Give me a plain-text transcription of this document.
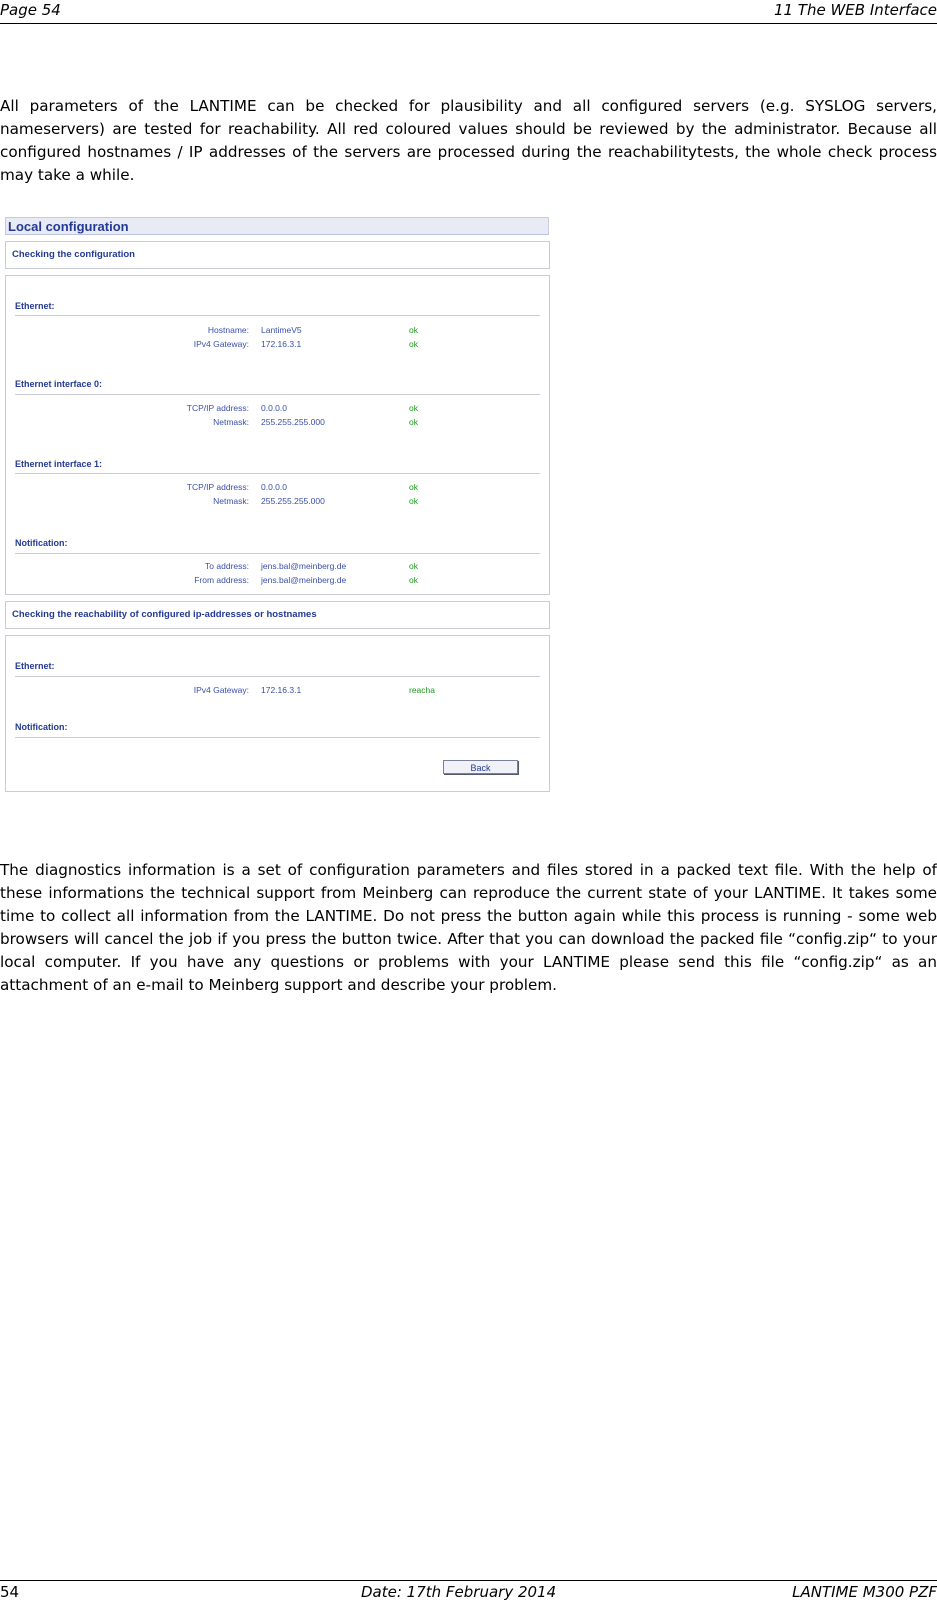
Page 54	11 The WEB Interface

All parameters of the LANTIME can be checked for plausibility and all configured servers (e.g. SYSLOG servers, nameservers) are tested for reachability. All red coloured values should be reviewed by the administrator. Because all configured hostnames / IP addresses of the servers are processed during the reachabilitytests, the whole check process may take a while.

Local configuration
Checking the configuration
Ethernet:
Hostname: LantimeV5	ok
IPv4 Gateway: 172.16.3.1	ok
Ethernet interface 0:
TCP/IP address: 0.0.0.0	ok
Netmask: 255.255.255.000	ok
Ethernet interface 1:
TCP/IP address: 0.0.0.0	ok
Netmask: 255.255.255.000	ok
Notification:
To address: jens.bal@meinberg.de	ok
From address: jens.bal@meinberg.de	ok
Checking the reachability of configured ip-addresses or hostnames
Ethernet:
IPv4 Gateway: 172.16.3.1	reacha
Notification:
Back

The diagnostics information is a set of configuration parameters and files stored in a packed text file. With the help of these informations the technical support from Meinberg can reproduce the current state of your LANTIME. It takes some time to collect all information from the LANTIME. Do not press the button again while this process is running - some web browsers will cancel the job if you press the button twice. After that you can download the packed file “config.zip“ to your local computer. If you have any questions or problems with your LANTIME please send this file “config.zip“ as an attachment of an e-mail to Meinberg support and describe your problem.

54	Date: 17th February 2014	LANTIME M300 PZF
